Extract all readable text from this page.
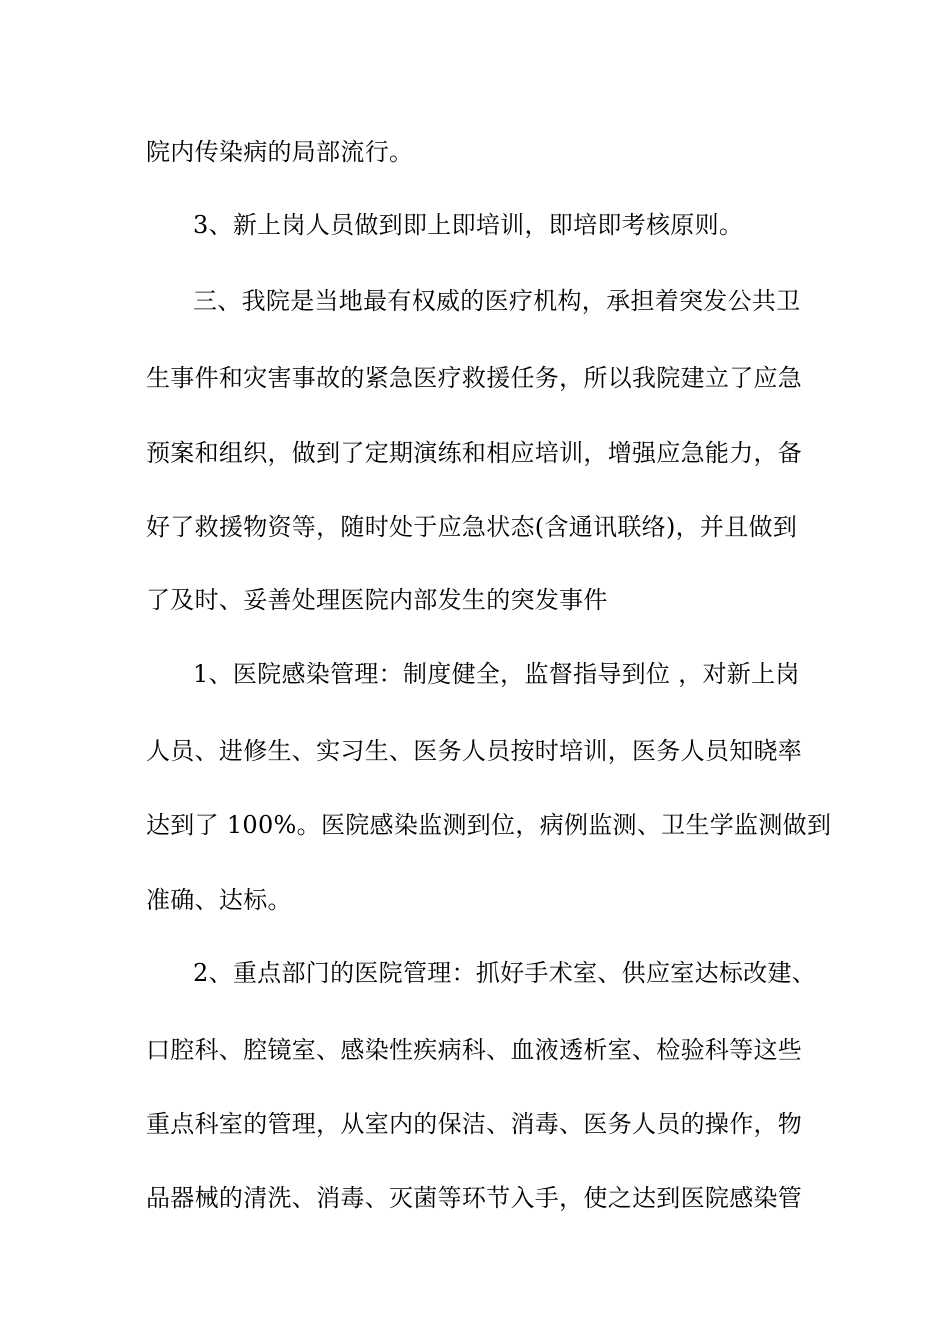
院内传染病的局部流行。
3、新上岗人员做到即上即培训，即培即考核原则。
三、我院是当地最有权威的医疗机构，承担着突发公共卫
生事件和灾害事故的紧急医疗救援任务，所以我院建立了应急
预案和组织，做到了定期演练和相应培训，增强应急能力，备
好了救援物资等，随时处于应急状态(含通讯联络)，并且做到
了及时、妥善处理医院内部发生的突发事件
1、医院感染管理：制度健全，监督指导到位 ，对新上岗
人员、进修生、实习生、医务人员按时培训，医务人员知晓率
达到了 100%。医院感染监测到位，病例监测、卫生学监测做到
准确、达标。
2、重点部门的医院管理：抓好手术室、供应室达标改建、
口腔科、腔镜室、感染性疾病科、血液透析室、检验科等这些
重点科室的管理，从室内的保洁、消毒、医务人员的操作，物
品器械的清洗、消毒、灭菌等环节入手，使之达到医院感染管
